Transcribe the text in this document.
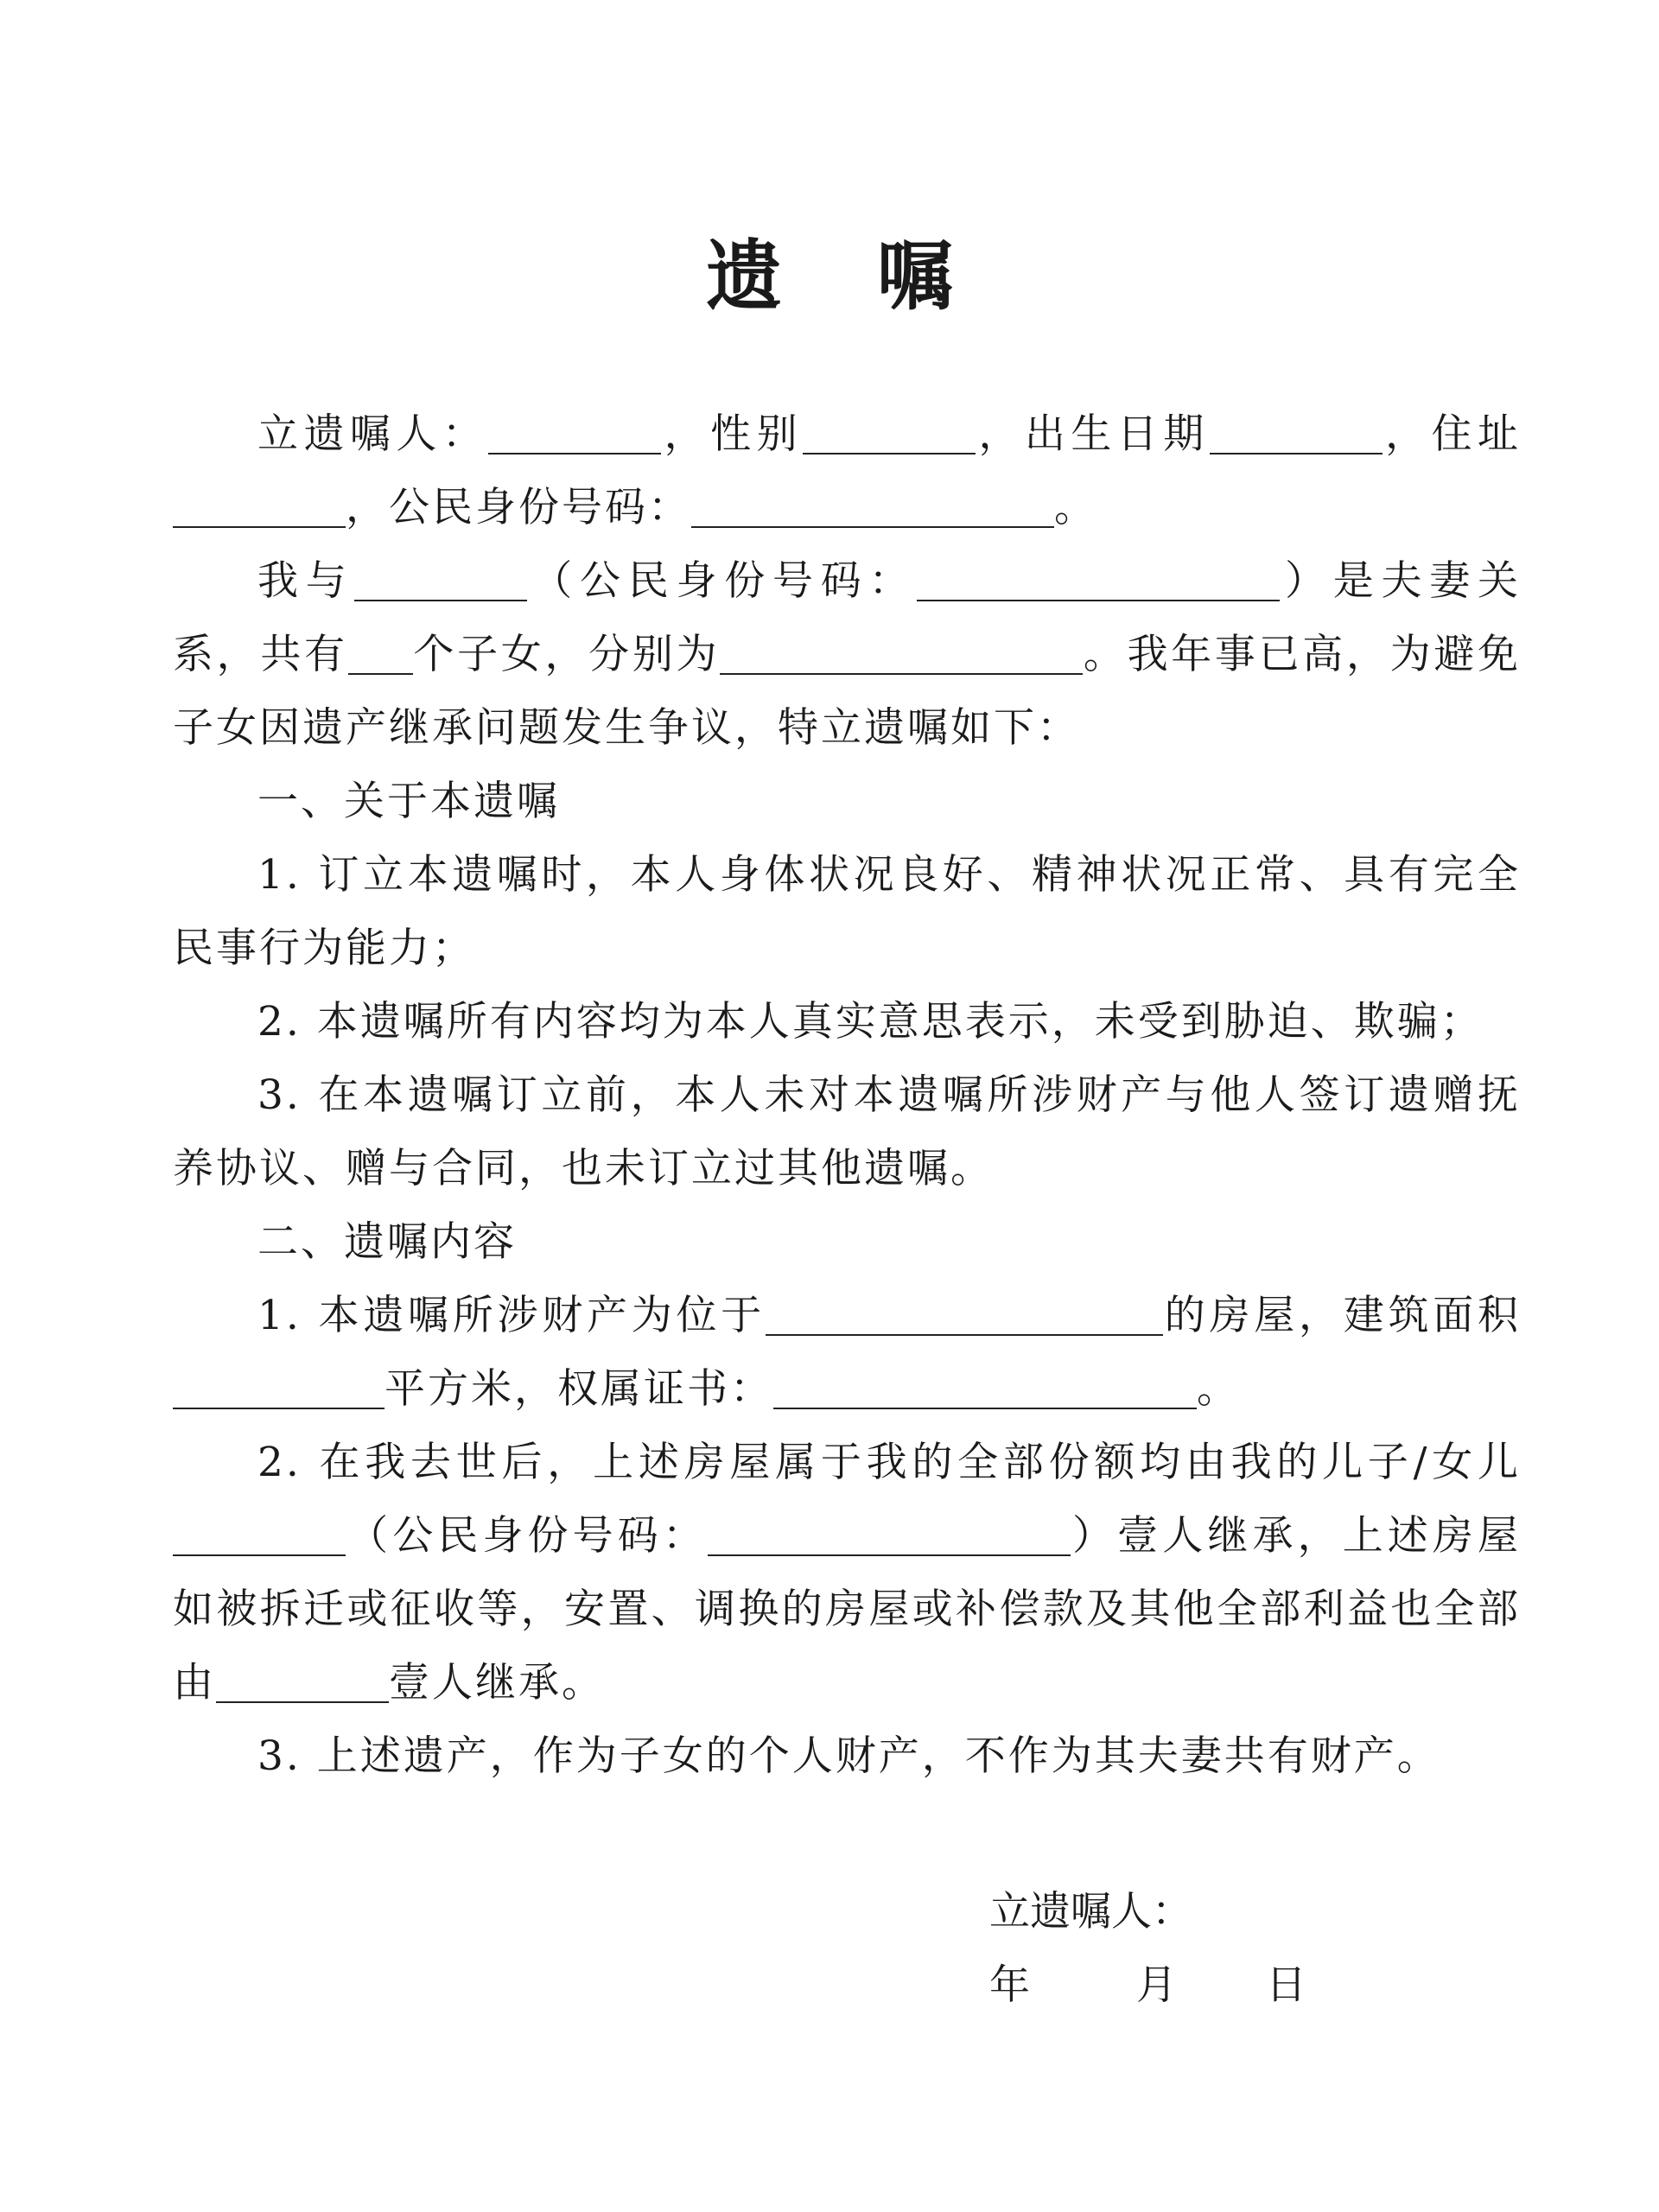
遗嘱

立遗嘱人：	，性别	，出生日期	，住址，公民身份号码：	。

我与	（公民身份号码：	）是夫妻关系，共有 个子女，分别为	。我年事已高，为避免子女因遗产继承问题发生争议，特立遗嘱如下：

一、关于本遗嘱

1. 订立本遗嘱时，本人身体状况良好、精神状况正常、具有完全民事行为能力；

2. 本遗嘱所有内容均为本人真实意思表示，未受到胁迫、欺骗；

3. 在本遗嘱订立前，本人未对本遗嘱所涉财产与他人签订遗赠抚养协议、赠与合同，也未订立过其他遗嘱。

二、遗嘱内容

1. 本遗嘱所涉财产为位于	的房屋，建筑面积平方米，权属证书：	。

2. 在我去世后，上述房屋属于我的全部份额均由我的儿子/女儿（公民身份号码：	）壹人继承，上述房屋如被拆迁或征收等，安置、调换的房屋或补偿款及其他全部利益也全部由	壹人继承。

3. 上述遗产，作为子女的个人财产，不作为其夫妻共有财产。

立遗嘱人：
年	月 日
